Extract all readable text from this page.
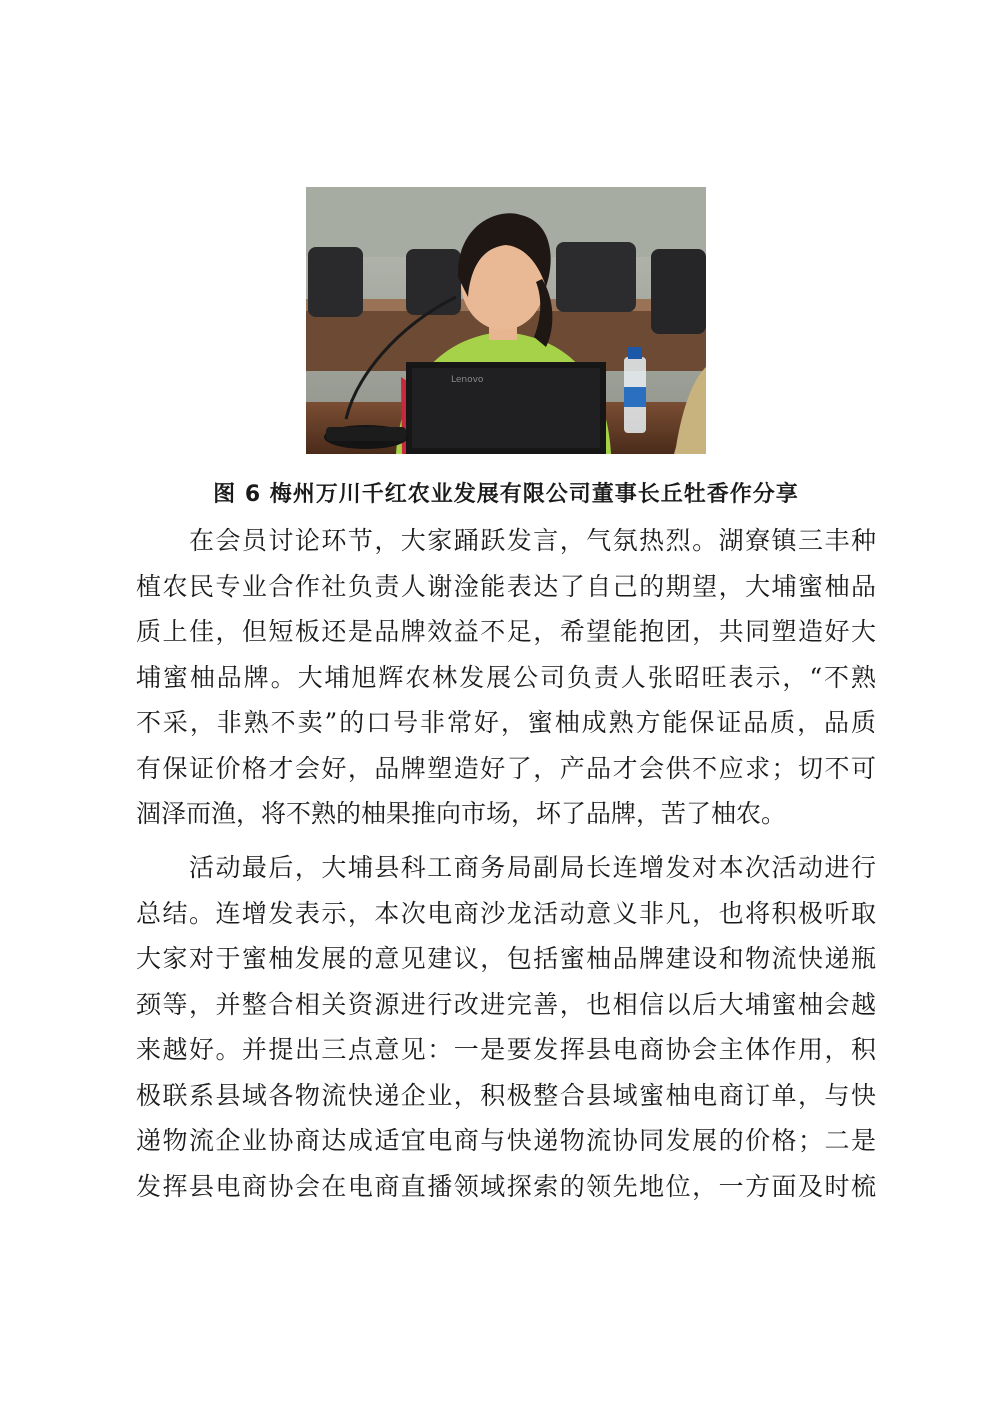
Lenovo
图 6 梅州万川千红农业发展有限公司董事长丘牡香作分享

　　在会员讨论环节，大家踊跃发言，气氛热烈。湖寮镇三丰种
植农民专业合作社负责人谢淦能表达了自己的期望，大埔蜜柚品
质上佳，但短板还是品牌效益不足，希望能抱团，共同塑造好大
埔蜜柚品牌。大埔旭辉农林发展公司负责人张昭旺表示，“不熟
不采，非熟不卖”的口号非常好，蜜柚成熟方能保证品质，品质
有保证价格才会好，品牌塑造好了，产品才会供不应求；切不可
涸泽而渔，将不熟的柚果推向市场，坏了品牌，苦了柚农。

　　活动最后，大埔县科工商务局副局长连增发对本次活动进行
总结。连增发表示，本次电商沙龙活动意义非凡，也将积极听取
大家对于蜜柚发展的意见建议，包括蜜柚品牌建设和物流快递瓶
颈等，并整合相关资源进行改进完善，也相信以后大埔蜜柚会越
来越好。并提出三点意见：一是要发挥县电商协会主体作用，积
极联系县域各物流快递企业，积极整合县域蜜柚电商订单，与快
递物流企业协商达成适宜电商与快递物流协同发展的价格；二是
发挥县电商协会在电商直播领域探索的领先地位，一方面及时梳
